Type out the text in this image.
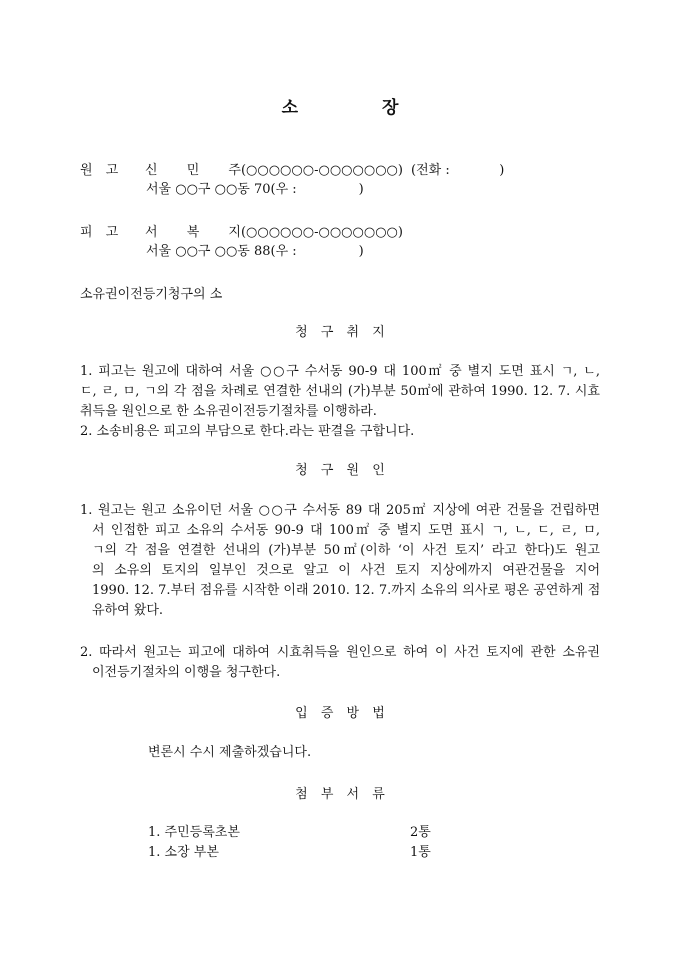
소 장
원 고 신 민 주(○○○○○○-○○○○○○○) (전화 :            )
서울 ○○구 ○○동 70(우 :               )
피 고 서 복 지(○○○○○○-○○○○○○○)
서울 ○○구 ○○동 88(우 :               )
소유권이전등기청구의 소
청 구 취 지
1. 피고는 원고에 대하여 서울 ○○구 수서동 90-9 대 100㎡ 중 별지 도면 표시 ㄱ, ㄴ,
ㄷ, ㄹ, ㅁ, ㄱ의 각 점을 차례로 연결한 선내의 (가)부분 50㎡에 관하여 1990. 12. 7. 시효
취득을 원인으로 한 소유권이전등기절차를 이행하라.
2. 소송비용은 피고의 부담으로 한다.라는 판결을 구합니다.
청 구 원 인
1. 원고는 원고 소유이던 서울 ○○구 수서동 89 대 205㎡ 지상에 여관 건물을 건립하면
서 인접한 피고 소유의 수서동 90-9 대 100㎡ 중 별지 도면 표시 ㄱ, ㄴ, ㄷ, ㄹ, ㅁ,
ㄱ의 각 점을 연결한 선내의 (가)부분 50㎡(이하 ‘이 사건 토지’ 라고 한다)도 원고
의 소유의 토지의 일부인 것으로 알고 이 사건 토지 지상에까지 여관건물을 지어
1990. 12. 7.부터 점유를 시작한 이래 2010. 12. 7.까지 소유의 의사로 평온 공연하게 점
유하여 왔다.
2. 따라서 원고는 피고에 대하여 시효취득을 원인으로 하여 이 사건 토지에 관한 소유권
이전등기절차의 이행을 청구한다.
입 증 방 법
변론시 수시 제출하겠습니다.
첨 부 서 류
1. 주민등록초본	2통
1. 소장 부본	1통
